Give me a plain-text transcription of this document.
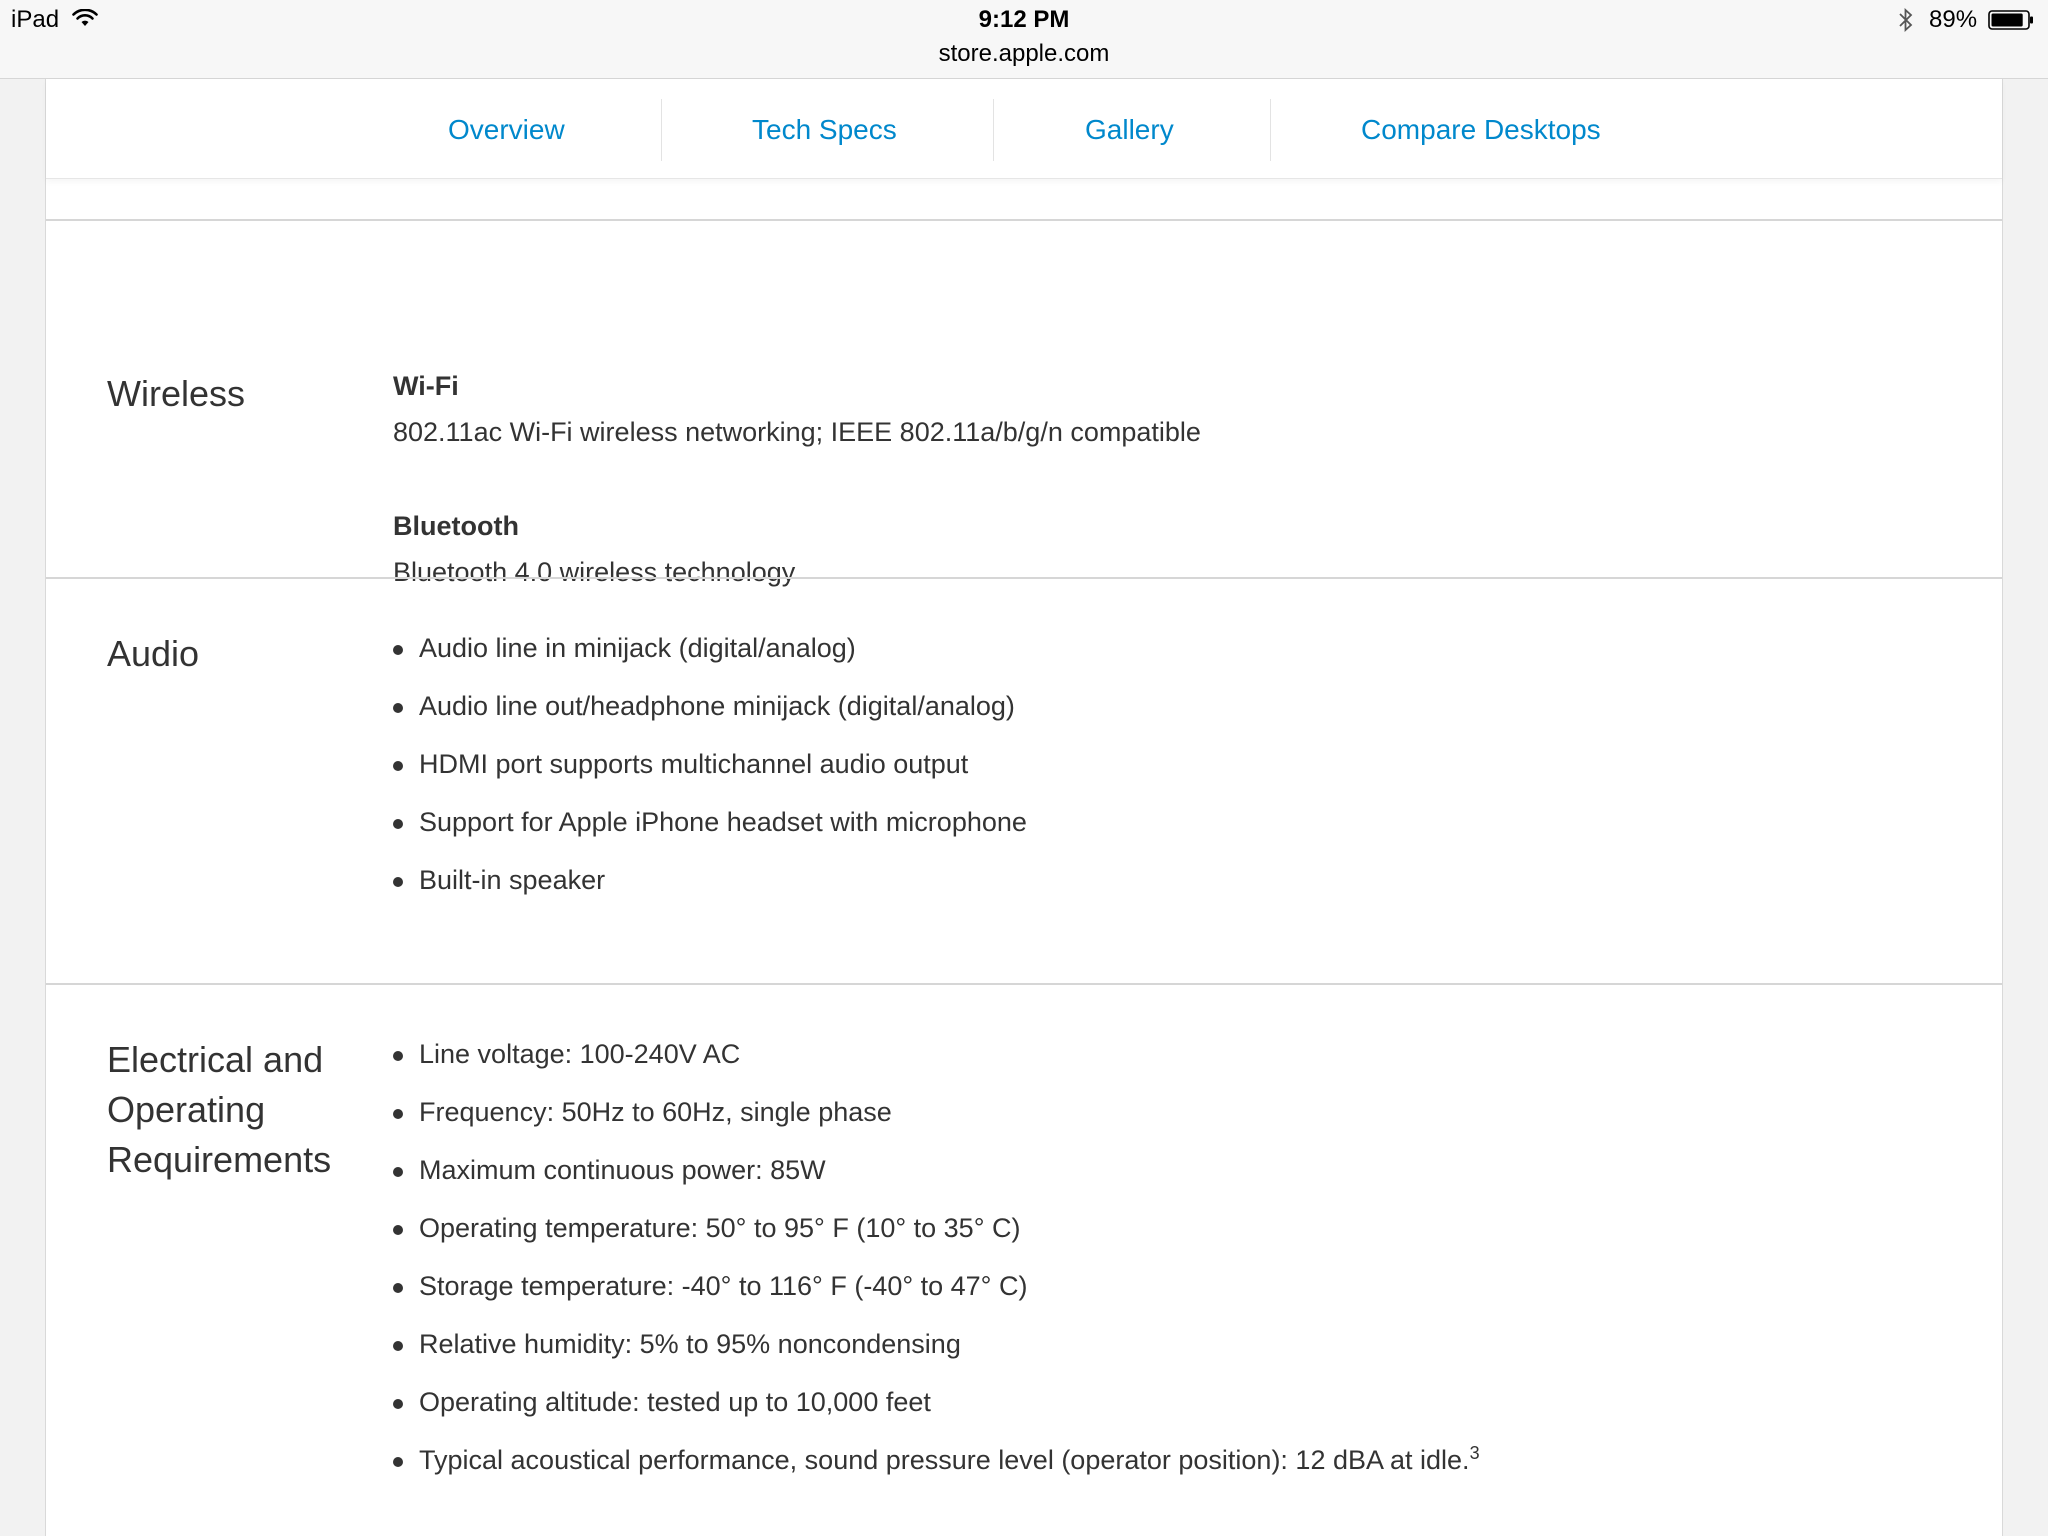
iPad	9:12 PM
store.apple.com
89%
Overview	Tech Specs	Gallery	Compare Desktops
Wireless	Wi-Fi
802.11ac Wi-Fi wireless networking; IEEE 802.11a/b/g/n compatible
Bluetooth
Bluetooth 4.0 wireless technology
Audio	Audio line in minijack (digital/analog)
Audio line out/headphone minijack (digital/analog)
HDMI port supports multichannel audio output
Support for Apple iPhone headset with microphone
Built-in speaker
Electrical and Operating Requirements
Line voltage: 100-240V AC
Frequency: 50Hz to 60Hz, single phase
Maximum continuous power: 85W
Operating temperature: 50° to 95° F (10° to 35° C)
Storage temperature: -40° to 116° F (-40° to 47° C)
Relative humidity: 5% to 95% noncondensing
Operating altitude: tested up to 10,000 feet
Typical acoustical performance, sound pressure level (operator position): 12 dBA at idle.$^3$
